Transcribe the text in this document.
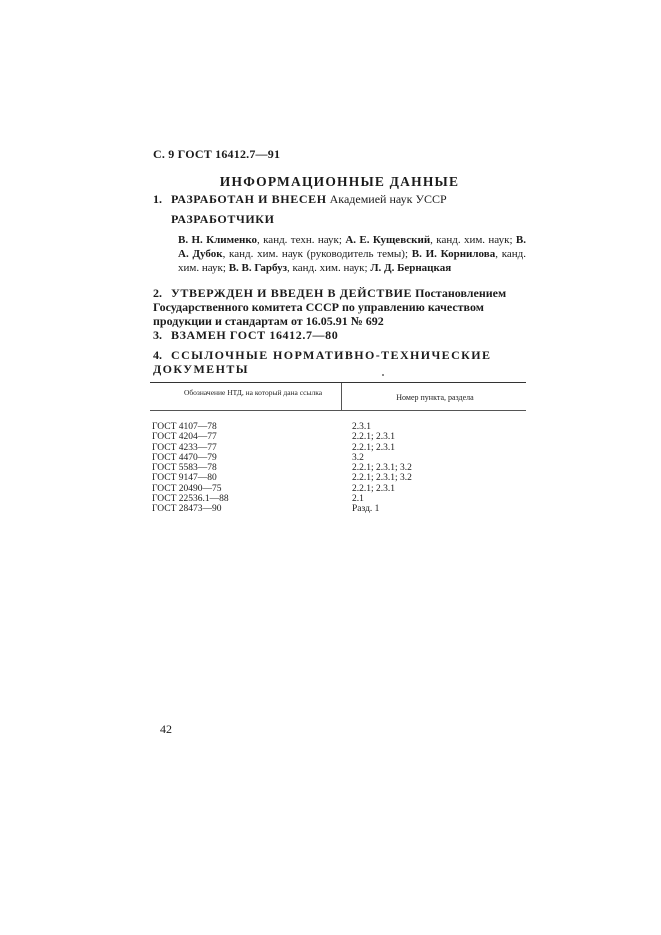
С. 9 ГОСТ 16412.7—91
ИНФОРМАЦИОННЫЕ ДАННЫЕ
1. РАЗРАБОТАН И ВНЕСЕН Академией наук УССР
РАЗРАБОТЧИКИ
В. Н. Клименко, канд. техн. наук; А. Е. Кущевский, канд. хим. наук; В. А. Дубок, канд. хим. наук (руководитель темы); В. И. Корнилова, канд. хим. наук; В. В. Гарбуз, канд. хим. наук; Л. Д. Бернацкая
2. УТВЕРЖДЕН И ВВЕДЕН В ДЕЙСТВИЕ Постановлением Государственного комитета СССР по управлению качеством продукции и стандартам от 16.05.91 № 692
3. ВЗАМЕН ГОСТ 16412.7—80
4. ССЫЛОЧНЫЕ НОРМАТИВНО-ТЕХНИЧЕСКИЕ ДОКУМЕНТЫ
Обозначение НТД, на который дана ссылка
Номер пункта, раздела
ГОСТ 4107—78
ГОСТ 4204—77
ГОСТ 4233—77
ГОСТ 4470—79
ГОСТ 5583—78
ГОСТ 9147—80
ГОСТ 20490—75
ГОСТ 22536.1—88
ГОСТ 28473—90
2.3.1
2.2.1; 2.3.1
2.2.1; 2.3.1
3.2
2.2.1; 2.3.1; 3.2
2.2.1; 2.3.1; 3.2
2.2.1; 2.3.1
2.1
Разд. 1
42
